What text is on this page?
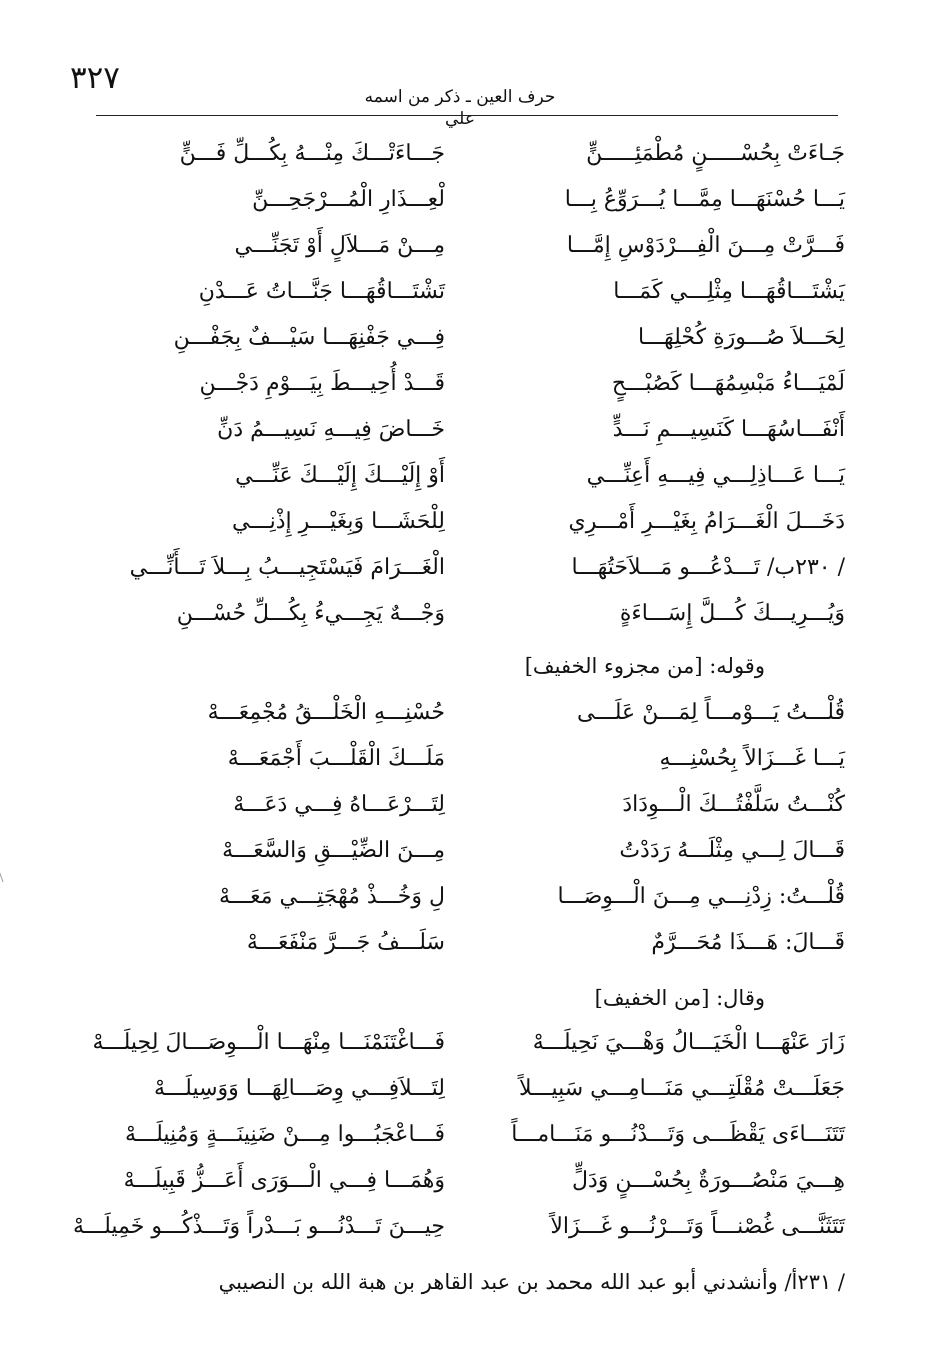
٣٢٧
حرف العين ـ ذكر من اسمه علي
جَـاءَتْ بِحُسْـــــنٍ مُطْمَئِـــــنٍّ
جَـــاءَتْـــكَ مِنْـــهُ بِكُـــلِّ فَـــنٍّ
يَـــا حُسْنَهَـــا مِمَّـــا يُـــرَوِّعُ بِـــا
لْعِـــذَارِ الْمُـــرْجَحِـــنِّ
فَـــرَّتْ مِـــنَ الْفِـــرْدَوْسِ إِمَّـــا
مِـــنْ مَـــلاَلٍ أَوْ تَجَنِّـــي
يَشْتَـــاقُهَـــا مِثْلِـــي كَمَـــا
تَشْتَـــاقُهَـــا جَنَّـــاتُ عَـــدْنِ
لِحَـــلاَ صُـــورَةِ كُحْلِهَـــا
فِـــي جَفْنِهَـــا سَيْـــفٌ بِجَفْـــنِ
لَمْيَـــاءُ مَبْسِمُهَـــا كَصُبْـــحٍ
قَـــدْ أُحِيـــطَ بِيَـــوْمِ دَجْـــنِ
أَنْفَـــاسُهَـــا كَنَسِيـــمِ نَـــدٍّ
خَـــاضَ فِيـــهِ نَسِيـــمُ دَنِّ
يَـــا عَـــاذِلِـــي فِيـــهِ أَعِنِّـــي
أَوْ إِلَيْـــكَ إِلَيْـــكَ عَنِّـــي
دَخَـــلَ الْغَـــرَامُ بِغَيْـــرِ أَمْـــرِي
لِلْحَشَـــا وَبِغَيْـــرِ إِذْنِـــي
/ ٢٣٠ب/ تَـــدْعُـــو مَـــلاَحَتُهَـــا
الْغَـــرَامَ فَيَسْتَجِيـــبُ بِـــلاَ تَـــأَنِّـــي
وَيُـــرِيـــكَ كُـــلَّ إِسَـــاءَةٍ
وَجْـــهٌ يَجِـــيءُ بِكُـــلِّ حُسْـــنِ
وقوله: [من مجزوء الخفيف]
قُلْـــتُ يَـــوْمـــاً لِمَـــنْ عَلَـــى
حُسْنِـــهِ الْخَلْـــقُ مُجْمِعَـــهْ
يَـــا غَـــزَالاً بِحُسْنِـــهِ
مَلَـــكَ الْقَلْـــبَ أَجْمَعَـــهْ
كُنْـــتُ سَلَّفْتُـــكَ الْـــوِدَادَ
لِتَـــرْعَـــاهُ فِـــي دَعَـــهْ
قَـــالَ لِـــي مِثْلَـــهُ رَدَدْتُ
مِـــنَ الضِّيْـــقِ وَالسَّعَـــهْ
قُلْـــتُ: زِدْنِـــي مِـــنَ الْـــوِصَـــا
لِ وَخُـــذْ مُهْجَتِـــي مَعَـــهْ
قَـــالَ: هَـــذَا مُحَـــرَّمٌ
سَلَـــفُ جَـــرَّ مَنْفَعَـــهْ
وقال: [من الخفيف]
زَارَ عَنْهَـــا الْخَيَـــالُ وَهْـــيَ نَحِيلَـــهْ
فَـــاغْتَنَمْنَـــا مِنْهَـــا الْـــوِصَـــالَ لِحِيلَـــهْ
جَعَلَـــتْ مُقْلَتِـــي مَنَـــامِـــي سَبِيـــلاً
لِتَـــلاَفِـــي وِصَـــالِهَـــا وَوَسِيلَـــهْ
تَتَنَـــاءَى يَقْظَـــى وَتَـــدْنُـــو مَنَـــامـــاً
فَـــاعْجَبُـــوا مِـــنْ ضَنِينَـــةٍ وَمُنِيلَـــهْ
هِـــيَ مَنْصُـــورَةٌ بِحُسْـــنٍ وَدَلٍّ
وَهُمَـــا فِـــي الْـــوَرَى أَعَـــزُّ قَبِيلَـــهْ
تَتَثَنَّـــى غُصْنـــاً وَتَـــرْنُـــو غَـــزَالاً
حِيـــنَ تَـــدْنُـــو بَـــدْراً وَتَـــذْكُـــو خَمِيلَـــهْ
/ ٢٣١أ/ وأنشدني أبو عبد الله محمد بن عبد القاهر بن هبة الله بن النصيبي
